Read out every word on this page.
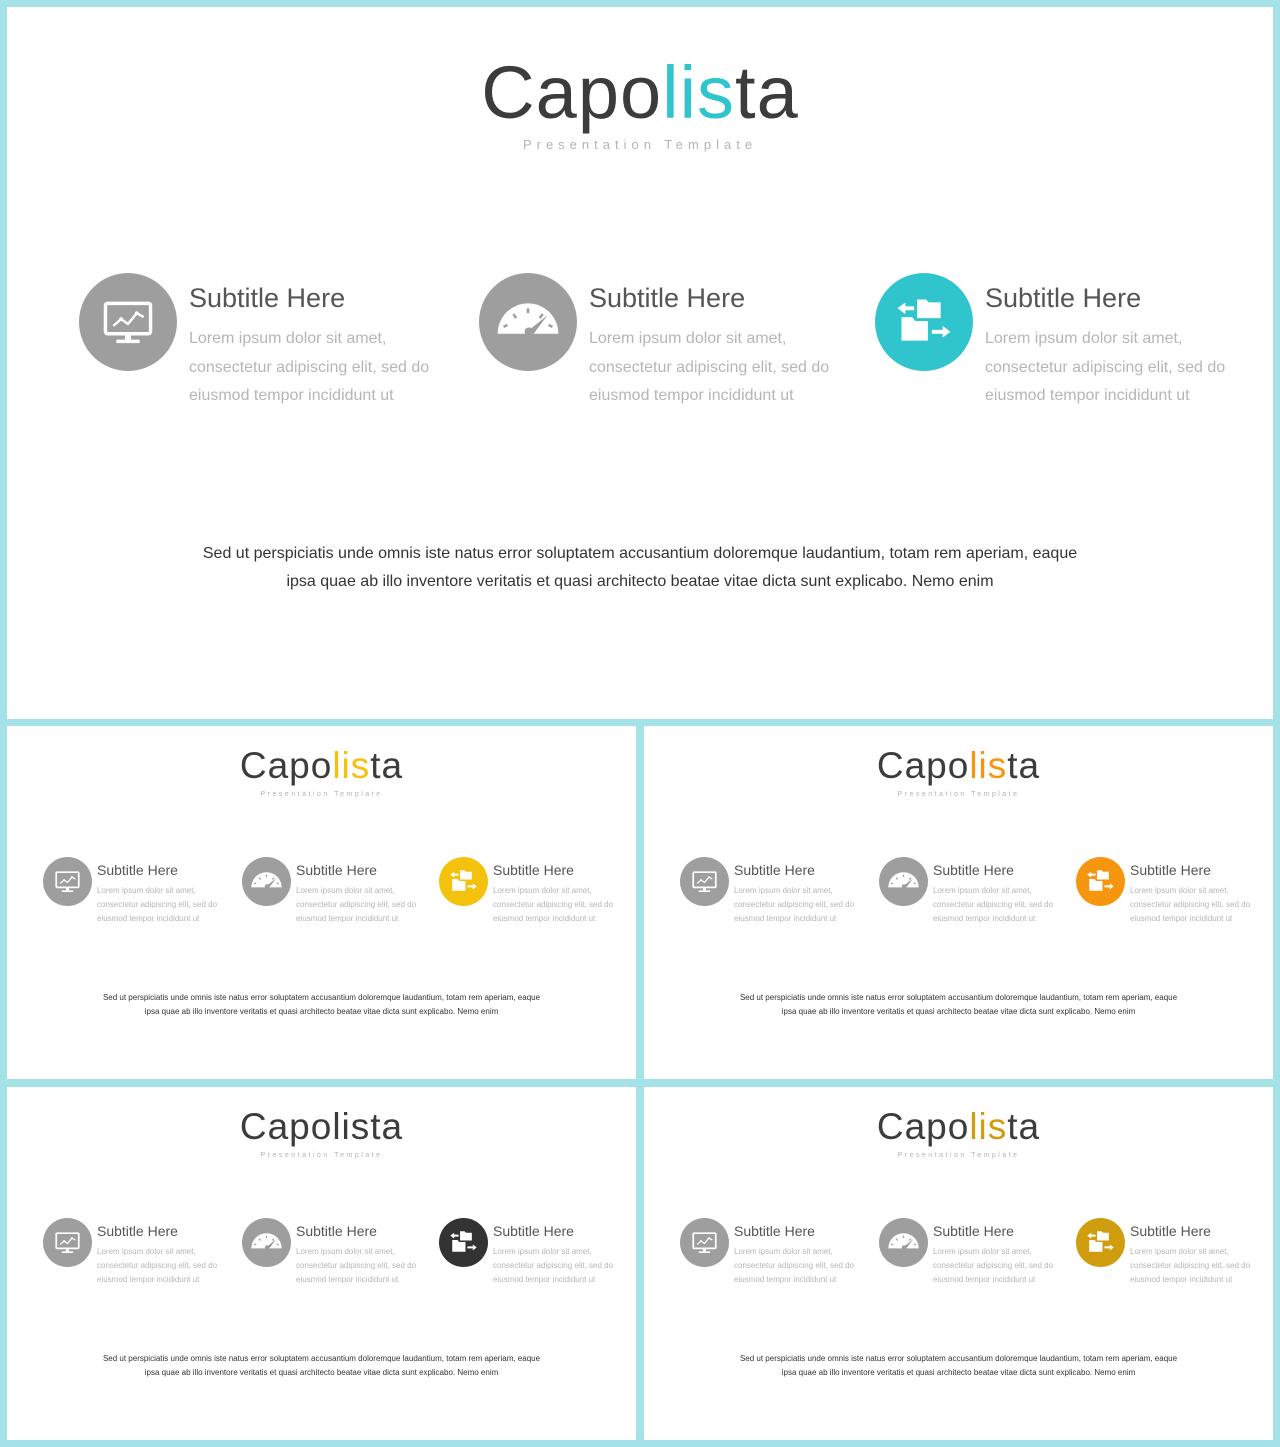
Capolista
Presentation Template
Subtitle Here

Lorem ipsum dolor sit amet, consectetur adipiscing elit, sed do eiusmod tempor incididunt ut

Subtitle Here

Lorem ipsum dolor sit amet, consectetur adipiscing elit, sed do eiusmod tempor incididunt ut

Subtitle Here

Lorem ipsum dolor sit amet, consectetur adipiscing elit, sed do eiusmod tempor incididunt ut

Sed ut perspiciatis unde omnis iste natus error soluptatem accusantium doloremque laudantium, totam rem aperiam, eaque ipsa quae ab illo inventore veritatis et quasi architecto beatae vitae dicta sunt explicabo. Nemo enim

Capolista
Presentation Template
Subtitle Here

Lorem ipsum dolor sit amet, consectetur adipiscing elit, sed do eiusmod tempor incididunt ut

Subtitle Here

Lorem ipsum dolor sit amet, consectetur adipiscing elit, sed do eiusmod tempor incididunt ut

Subtitle Here

Lorem ipsum dolor sit amet, consectetur adipiscing elit, sed do eiusmod tempor incididunt ut

Sed ut perspiciatis unde omnis iste natus error soluptatem accusantium doloremque laudantium, totam rem aperiam, eaque ipsa quae ab illo inventore veritatis et quasi architecto beatae vitae dicta sunt explicabo. Nemo enim

Capolista
Presentation Template
Subtitle Here

Lorem ipsum dolor sit amet, consectetur adipiscing elit, sed do eiusmod tempor incididunt ut

Subtitle Here

Lorem ipsum dolor sit amet, consectetur adipiscing elit, sed do eiusmod tempor incididunt ut

Subtitle Here

Lorem ipsum dolor sit amet, consectetur adipiscing elit, sed do eiusmod tempor incididunt ut

Sed ut perspiciatis unde omnis iste natus error soluptatem accusantium doloremque laudantium, totam rem aperiam, eaque ipsa quae ab illo inventore veritatis et quasi architecto beatae vitae dicta sunt explicabo. Nemo enim

Capolista
Presentation Template
Subtitle Here

Lorem ipsum dolor sit amet, consectetur adipiscing elit, sed do eiusmod tempor incididunt ut

Subtitle Here

Lorem ipsum dolor sit amet, consectetur adipiscing elit, sed do eiusmod tempor incididunt ut

Subtitle Here

Lorem ipsum dolor sit amet, consectetur adipiscing elit, sed do eiusmod tempor incididunt ut

Sed ut perspiciatis unde omnis iste natus error soluptatem accusantium doloremque laudantium, totam rem aperiam, eaque ipsa quae ab illo inventore veritatis et quasi architecto beatae vitae dicta sunt explicabo. Nemo enim

Capolista
Presentation Template
Subtitle Here

Lorem ipsum dolor sit amet, consectetur adipiscing elit, sed do eiusmod tempor incididunt ut

Subtitle Here

Lorem ipsum dolor sit amet, consectetur adipiscing elit, sed do eiusmod tempor incididunt ut

Subtitle Here

Lorem ipsum dolor sit amet, consectetur adipiscing elit, sed do eiusmod tempor incididunt ut

Sed ut perspiciatis unde omnis iste natus error soluptatem accusantium doloremque laudantium, totam rem aperiam, eaque ipsa quae ab illo inventore veritatis et quasi architecto beatae vitae dicta sunt explicabo. Nemo enim
